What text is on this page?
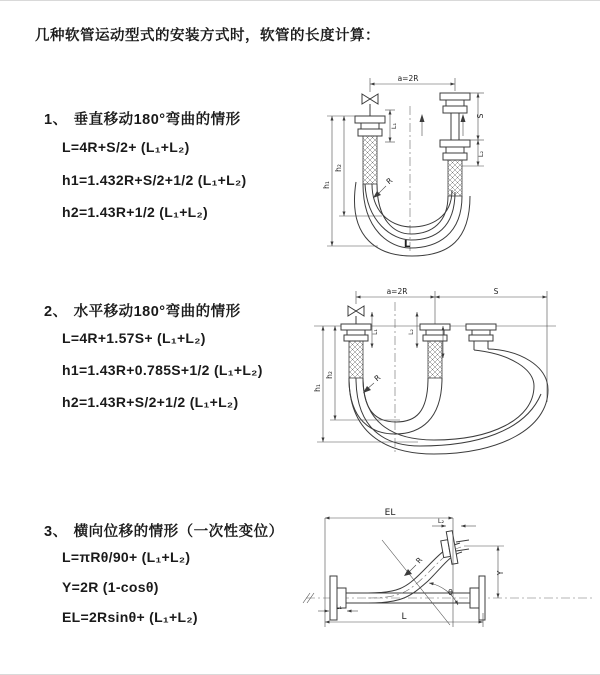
几种软管运动型式的安装方式时，软管的长度计算：
1、 垂直移动180°弯曲的情形
L=4R+S/2+ (L₁+L₂)
h1=1.432R+S/2+1/2 (L₁+L₂)
h2=1.43R+1/2 (L₁+L₂)
a=2R
h₁
h₂
L₁
S
L₂
R
L
2、 水平移动180°弯曲的情形
L=4R+1.57S+ (L₁+L₂)
h1=1.43R+0.785S+1/2 (L₁+L₂)
h2=1.43R+S/2+1/2 (L₁+L₂)
a=2R	S
h₁
h₂
L₁	L₂
R
3、 横向位移的情形（一次性变位）
L=πRθ/90+ (L₁+L₂)
Y=2R (1-cosθ)
EL=2Rsinθ+ (L₁+L₂)
EL
L₂
Y
θ
R
L
L₁
